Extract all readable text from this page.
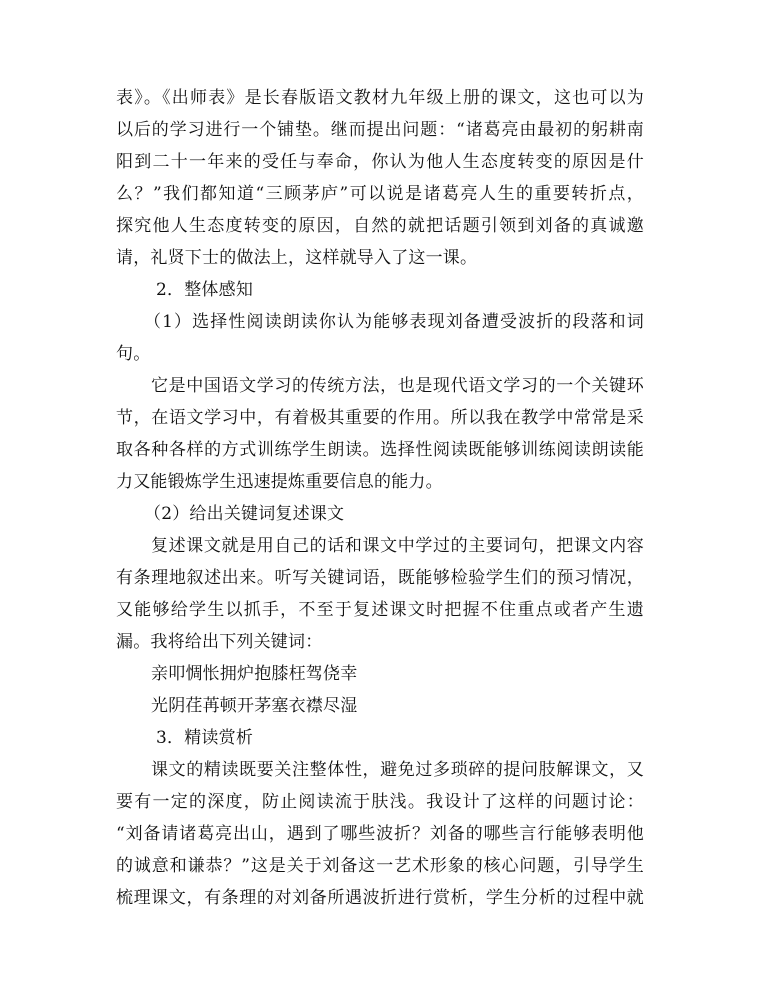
表》。《出师表》是长春版语文教材九年级上册的课文，这也可以为
以后的学习进行一个铺垫。继而提出问题：“诸葛亮由最初的躬耕南
阳到二十一年来的受任与奉命，你认为他人生态度转变的原因是什
么？”我们都知道“三顾茅庐”可以说是诸葛亮人生的重要转折点，
探究他人生态度转变的原因，自然的就把话题引领到刘备的真诚邀
请，礼贤下士的做法上，这样就导入了这一课。
2．整体感知
（1）选择性阅读朗读你认为能够表现刘备遭受波折的段落和词
句。
它是中国语文学习的传统方法，也是现代语文学习的一个关键环
节，在语文学习中，有着极其重要的作用。所以我在教学中常常是采
取各种各样的方式训练学生朗读。选择性阅读既能够训练阅读朗读能
力又能锻炼学生迅速提炼重要信息的能力。
（2）给出关键词复述课文
复述课文就是用自己的话和课文中学过的主要词句，把课文内容
有条理地叙述出来。听写关键词语，既能够检验学生们的预习情况，
又能够给学生以抓手，不至于复述课文时把握不住重点或者产生遗
漏。我将给出下列关键词：
亲叩惆怅拥炉抱膝枉驾侥幸
光阴荏苒顿开茅塞衣襟尽湿
3．精读赏析
课文的精读既要关注整体性，避免过多琐碎的提问肢解课文，又
要有一定的深度，防止阅读流于肤浅。我设计了这样的问题讨论：
“刘备请诸葛亮出山，遇到了哪些波折？刘备的哪些言行能够表明他
的诚意和谦恭？”这是关于刘备这一艺术形象的核心问题，引导学生
梳理课文，有条理的对刘备所遇波折进行赏析，学生分析的过程中就
